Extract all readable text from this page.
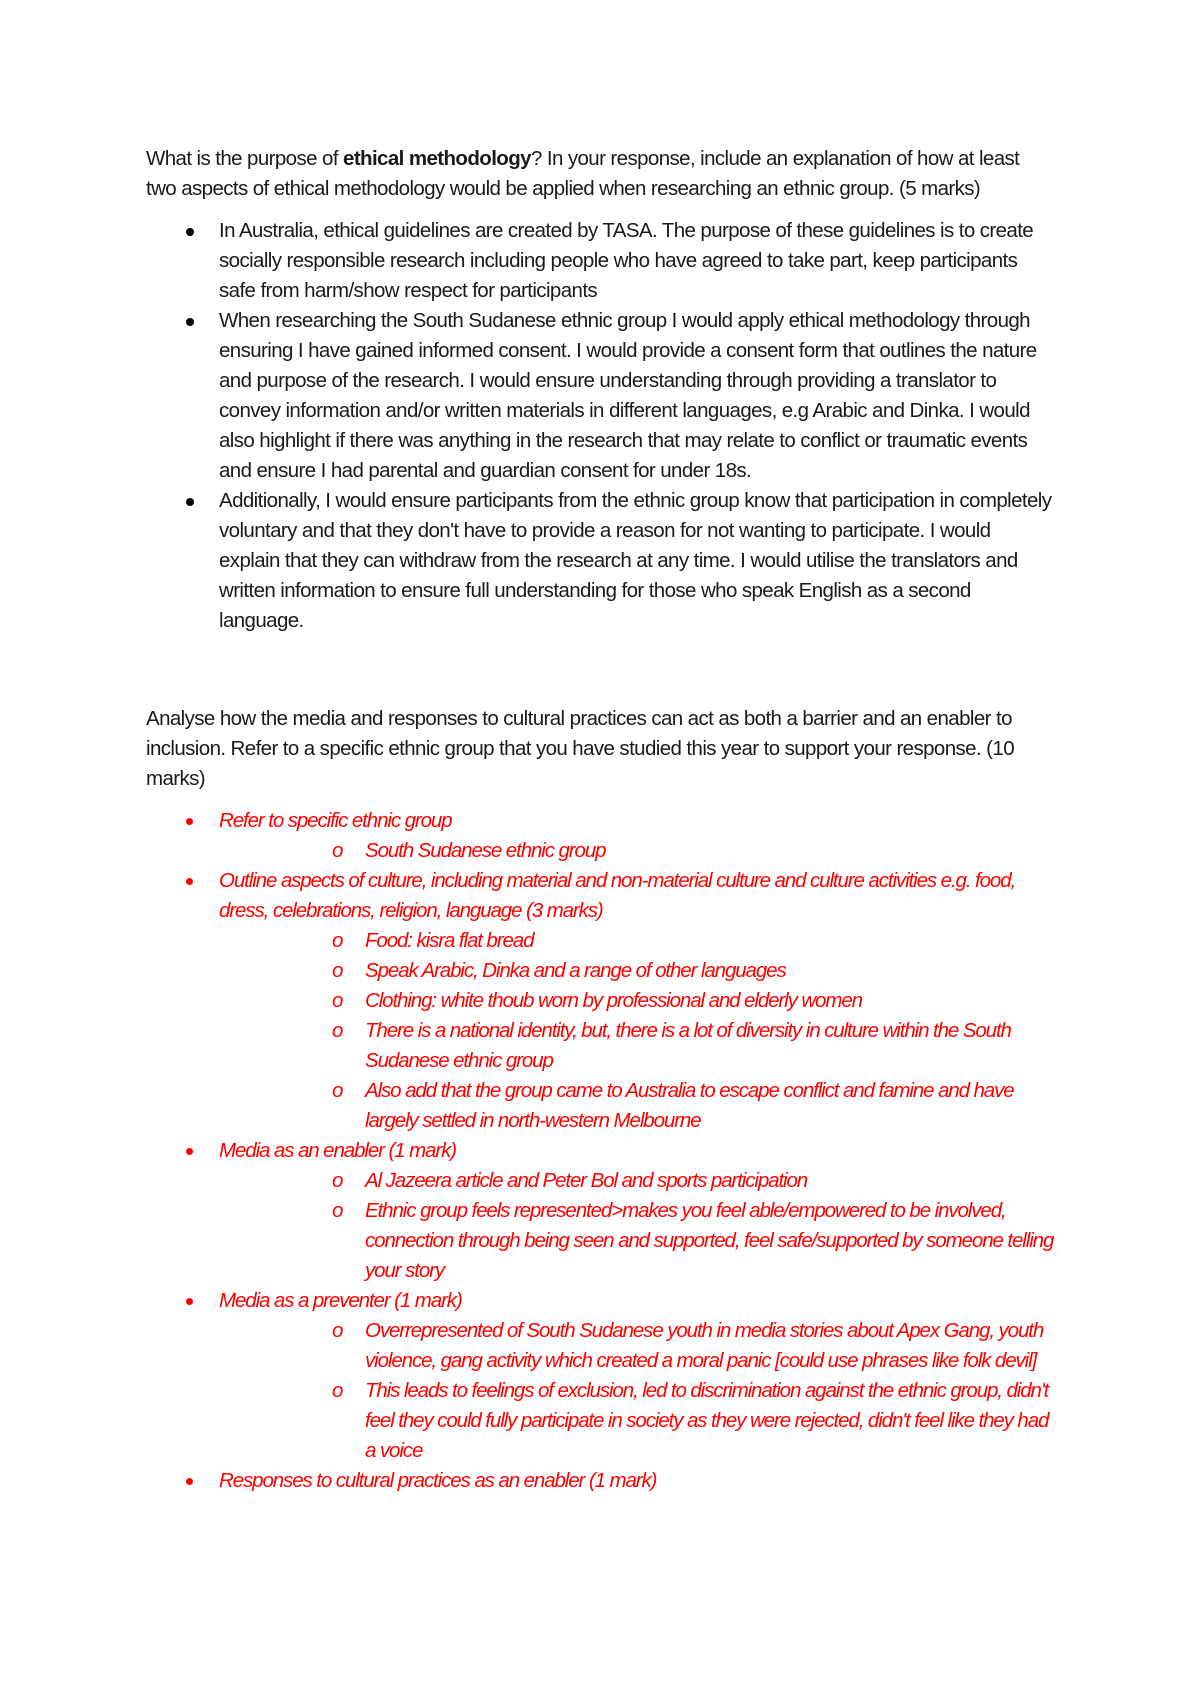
What is the purpose of ethical methodology? In your response, include an explanation of how at least two aspects of ethical methodology would be applied when researching an ethnic group. (5 marks)

In Australia, ethical guidelines are created by TASA. The purpose of these guidelines is to create socially responsible research including people who have agreed to take part, keep participants safe from harm/show respect for participants
When researching the South Sudanese ethnic group I would apply ethical methodology through ensuring I have gained informed consent. I would provide a consent form that outlines the nature and purpose of the research. I would ensure understanding through providing a translator to convey information and/or written materials in different languages, e.g Arabic and Dinka. I would also highlight if there was anything in the research that may relate to conflict or traumatic events and ensure I had parental and guardian consent for under 18s.
Additionally, I would ensure participants from the ethnic group know that participation in completely voluntary and that they don't have to provide a reason for not wanting to participate. I would explain that they can withdraw from the research at any time. I would utilise the translators and written information to ensure full understanding for those who speak English as a second language.

Analyse how the media and responses to cultural practices can act as both a barrier and an enabler to inclusion. Refer to a specific ethnic group that you have studied this year to support your response. (10 marks)

Refer to specific ethnic group
o South Sudanese ethnic group
Outline aspects of culture, including material and non-material culture and culture activities e.g. food, dress, celebrations, religion, language (3 marks)
o Food: kisra flat bread
o Speak Arabic, Dinka and a range of other languages
o Clothing: white thoub worn by professional and elderly women
o There is a national identity, but, there is a lot of diversity in culture within the South Sudanese ethnic group
o Also add that the group came to Australia to escape conflict and famine and have largely settled in north-western Melbourne
Media as an enabler (1 mark)
o Al Jazeera article and Peter Bol and sports participation
o Ethnic group feels represented>makes you feel able/empowered to be involved, connection through being seen and supported, feel safe/supported by someone telling your story
Media as a preventer (1 mark)
o Overrepresented of South Sudanese youth in media stories about Apex Gang, youth violence, gang activity which created a moral panic [could use phrases like folk devil]
o This leads to feelings of exclusion, led to discrimination against the ethnic group, didn't feel they could fully participate in society as they were rejected, didn't feel like they had a voice
Responses to cultural practices as an enabler (1 mark)
